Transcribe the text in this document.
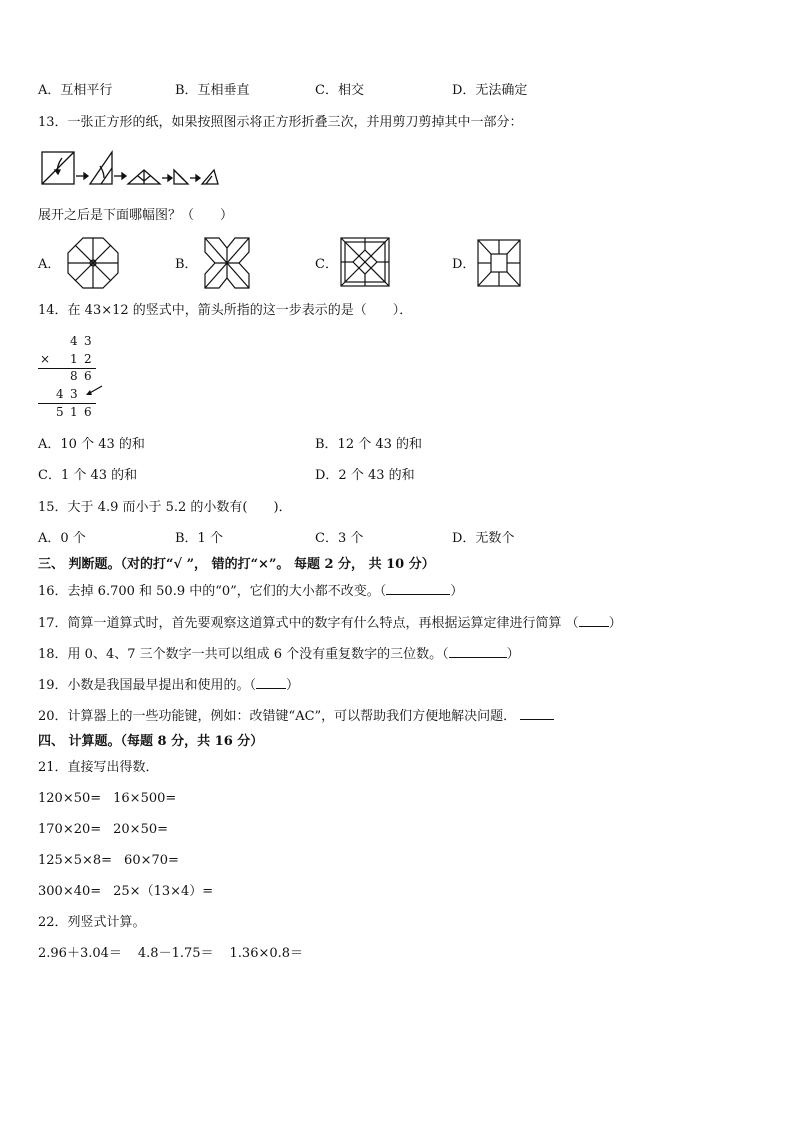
A．互相平行	B．互相垂直	C．相交	D．无法确定
13．一张正方形的纸，如果按照图示将正方形折叠三次，并用剪刀剪掉其中一部分：
展开之后是下面哪幅图？（　　）
A．	B．	C．	D．
14．在 43×12 的竖式中，箭头所指的这一步表示的是（　　）．
4 3
× 1 2
8 6
4 3
5 1 6
A．10 个 43 的和	B．12 个 43 的和
C．1 个 43 的和	D．2 个 43 的和
15．大于 4.9 而小于 5.2 的小数有(　　)．
A．0 个	B．1 个	C．3 个	D．无数个
三、 判断题。（对的打“√ ”， 错的打“×”。 每题 2 分， 共 10 分）
16．去掉 6.700 和 50.9 中的“0”，它们的大小都不改变。（	）
17．简算一道算式时，首先要观察这道算式中的数字有什么特点，再根据运算定律进行简算 （ ）
18．用 0、4、7 三个数字一共可以组成 6 个没有重复数字的三位数。（	）
19．小数是我国最早提出和使用的。（ ）
20．计算器上的一些功能键，例如：改错键“AC”，可以帮助我们方便地解决问题．
四、 计算题。（每题 8 分，共 16 分）
21．直接写出得数．
120×50= 16×500=
170×20= 20×50=
125×5×8= 60×70=
300×40= 25×（13×4）=
22．列竖式计算。
2.96＋3.04＝ 4.8－1.75＝ 1.36×0.8＝
